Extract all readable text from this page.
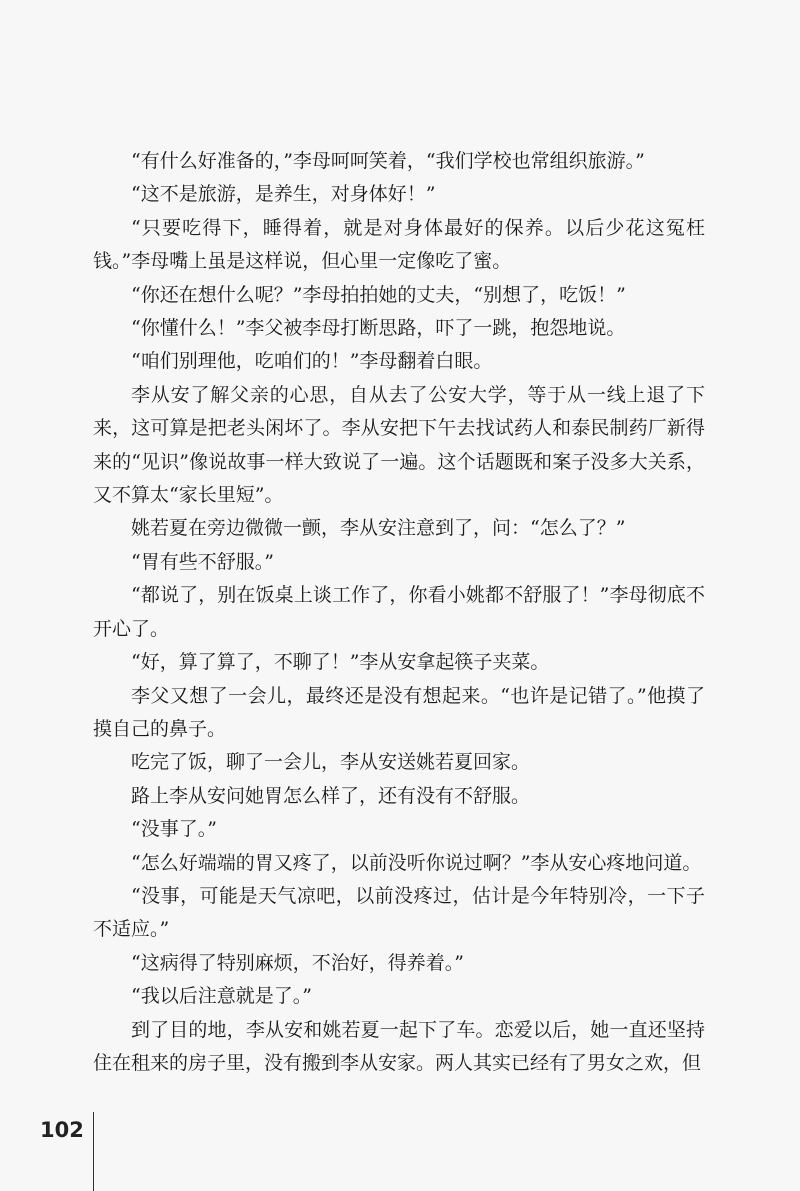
“有什么好准备的，”李母呵呵笑着，“我们学校也常组织旅游。”

“这不是旅游，是养生，对身体好！”

“只要吃得下，睡得着，就是对身体最好的保养。以后少花这冤枉钱。”李母嘴上虽是这样说，但心里一定像吃了蜜。

“你还在想什么呢？”李母拍拍她的丈夫，“别想了，吃饭！”

“你懂什么！”李父被李母打断思路，吓了一跳，抱怨地说。

“咱们别理他，吃咱们的！”李母翻着白眼。

李从安了解父亲的心思，自从去了公安大学，等于从一线上退了下来，这可算是把老头闲坏了。李从安把下午去找试药人和泰民制药厂新得来的“见识”像说故事一样大致说了一遍。这个话题既和案子没多大关系，又不算太“家长里短”。

姚若夏在旁边微微一颤，李从安注意到了，问：“怎么了？”

“胃有些不舒服。”

“都说了，别在饭桌上谈工作了，你看小姚都不舒服了！”李母彻底不开心了。

“好，算了算了，不聊了！”李从安拿起筷子夹菜。

李父又想了一会儿，最终还是没有想起来。“也许是记错了。”他摸了摸自己的鼻子。

吃完了饭，聊了一会儿，李从安送姚若夏回家。

路上李从安问她胃怎么样了，还有没有不舒服。

“没事了。”

“怎么好端端的胃又疼了，以前没听你说过啊？”李从安心疼地问道。

“没事，可能是天气凉吧，以前没疼过，估计是今年特别冷，一下子不适应。”

“这病得了特别麻烦，不治好，得养着。”

“我以后注意就是了。”

到了目的地，李从安和姚若夏一起下了车。恋爱以后，她一直还坚持住在租来的房子里，没有搬到李从安家。两人其实已经有了男女之欢，但

102
